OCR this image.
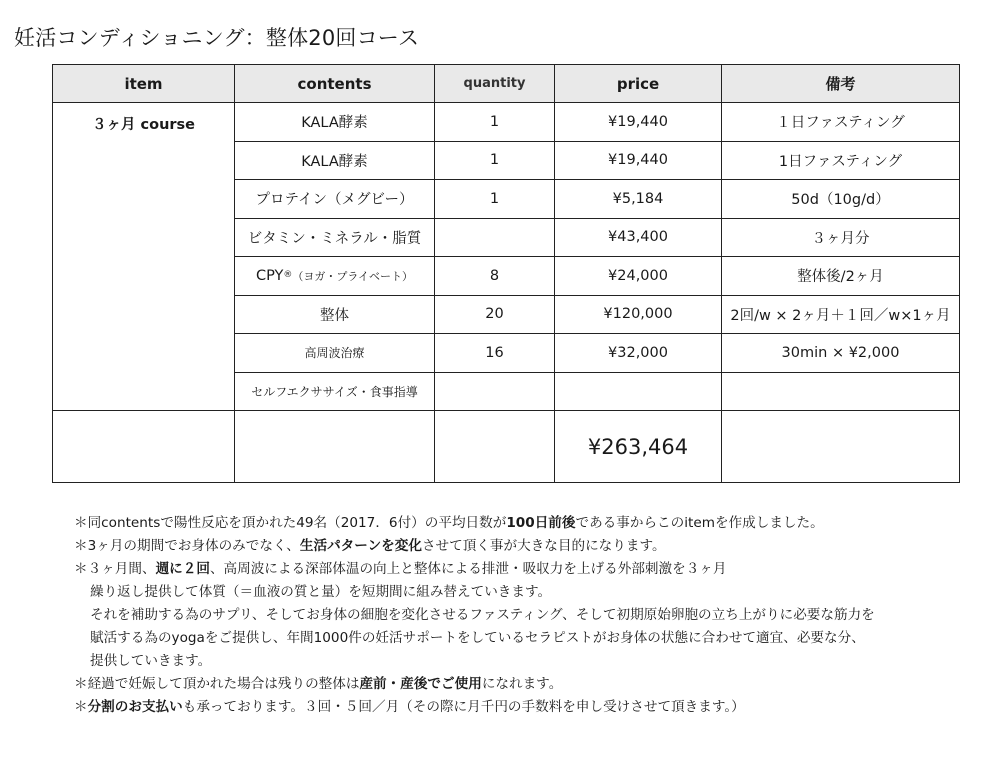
妊活コンディショニング：整体20回コース
item	contents	quantity	price	備考
３ヶ月 course	KALA酵素	1	¥19,440	１日ファスティング
	KALA酵素	1	¥19,440	1日ファスティング
	プロテイン（メグビー）	1	¥5,184	50d（10g/d）
	ビタミン・ミネラル・脂質		¥43,400	３ヶ月分
	CPY®（ヨガ・プライベート）	8	¥24,000	整体後/2ヶ月
	整体	20	¥120,000	2回/w × 2ヶ月＋１回／w×1ヶ月
	高周波治療	16	¥32,000	30min × ¥2,000
	セルフエクササイズ・食事指導			
			¥263,464	
＊同contentsで陽性反応を頂かれた49名（2017．6付）の平均日数が100日前後である事からこのitemを作成しました。
＊3ヶ月の期間でお身体のみでなく、生活パターンを変化させて頂く事が大きな目的になります。
＊３ヶ月間、週に２回、高周波による深部体温の向上と整体による排泄・吸収力を上げる外部刺激を３ヶ月
繰り返し提供して体質（＝血液の質と量）を短期間に組み替えていきます。
それを補助する為のサプリ、そしてお身体の細胞を変化させるファスティング、そして初期原始卵胞の立ち上がりに必要な筋力を
賦活する為のyogaをご提供し、年間1000件の妊活サポートをしているセラピストがお身体の状態に合わせて適宜、必要な分、
提供していきます。
＊経過で妊娠して頂かれた場合は残りの整体は産前・産後でご使用になれます。
＊分割のお支払いも承っております。３回・５回／月（その際に月千円の手数料を申し受けさせて頂きます。）
